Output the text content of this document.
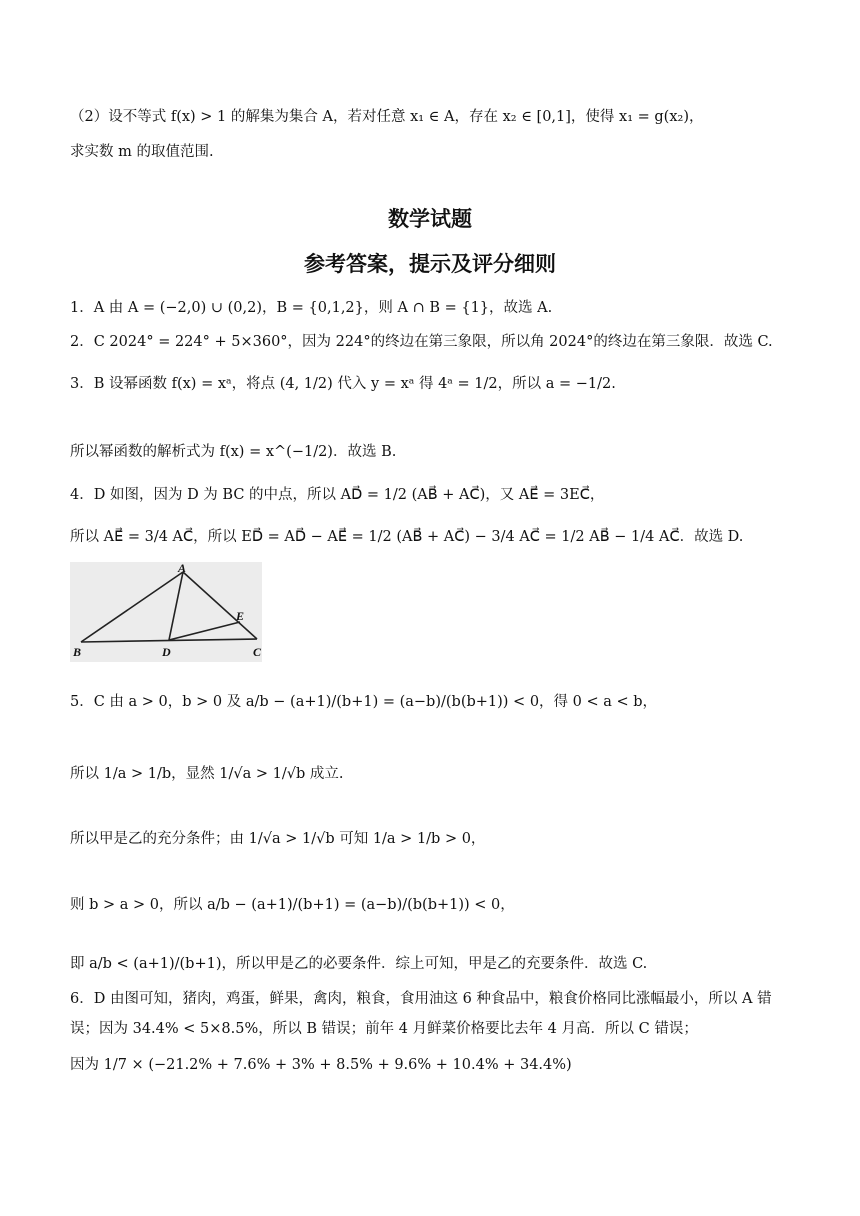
（2）设不等式 f(x) > 1 的解集为集合 A，若对任意 x₁ ∈ A，存在 x₂ ∈ [0,1]，使得 x₁ = g(x₂)，
求实数 m 的取值范围.
数学试题
参考答案，提示及评分细则
1．A 由 A = (−2,0) ∪ (0,2)，B = {0,1,2}，则 A ∩ B = {1}，故选 A.
2．C 2024° = 224° + 5×360°，因为 224°的终边在第三象限，所以角 2024°的终边在第三象限．故选 C.
3．B 设幂函数 f(x) = xᵃ，将点 (4, 1/2) 代入 y = xᵃ 得 4ᵃ = 1/2，所以 a = −1/2.
所以幂函数的解析式为 f(x) = x^(−1/2)．故选 B.
4．D 如图，因为 D 为 BC 的中点，所以 AD⃗ = 1/2 (AB⃗ + AC⃗)，又 AE⃗ = 3EC⃗，
所以 AE⃗ = 3/4 AC⃗，所以 ED⃗ = AD⃗ − AE⃗ = 1/2 (AB⃗ + AC⃗) − 3/4 AC⃗ = 1/2 AB⃗ − 1/4 AC⃗．故选 D.
A
B	C
D
E
5．C 由 a > 0，b > 0 及 a/b − (a+1)/(b+1) = (a−b)/(b(b+1)) < 0，得 0 < a < b，
所以 1/a > 1/b，显然 1/√a > 1/√b 成立.
所以甲是乙的充分条件；由 1/√a > 1/√b 可知 1/a > 1/b > 0，
则 b > a > 0，所以 a/b − (a+1)/(b+1) = (a−b)/(b(b+1)) < 0，
即 a/b < (a+1)/(b+1)，所以甲是乙的必要条件．综上可知，甲是乙的充要条件．故选 C.
6．D 由图可知，猪肉，鸡蛋，鲜果，禽肉，粮食，食用油这 6 种食品中，粮食价格同比涨幅最小，所以 A 错
误；因为 34.4% < 5×8.5%，所以 B 错误；前年 4 月鲜菜价格要比去年 4 月高．所以 C 错误；
因为 1/7 × (−21.2% + 7.6% + 3% + 8.5% + 9.6% + 10.4% + 34.4%)
